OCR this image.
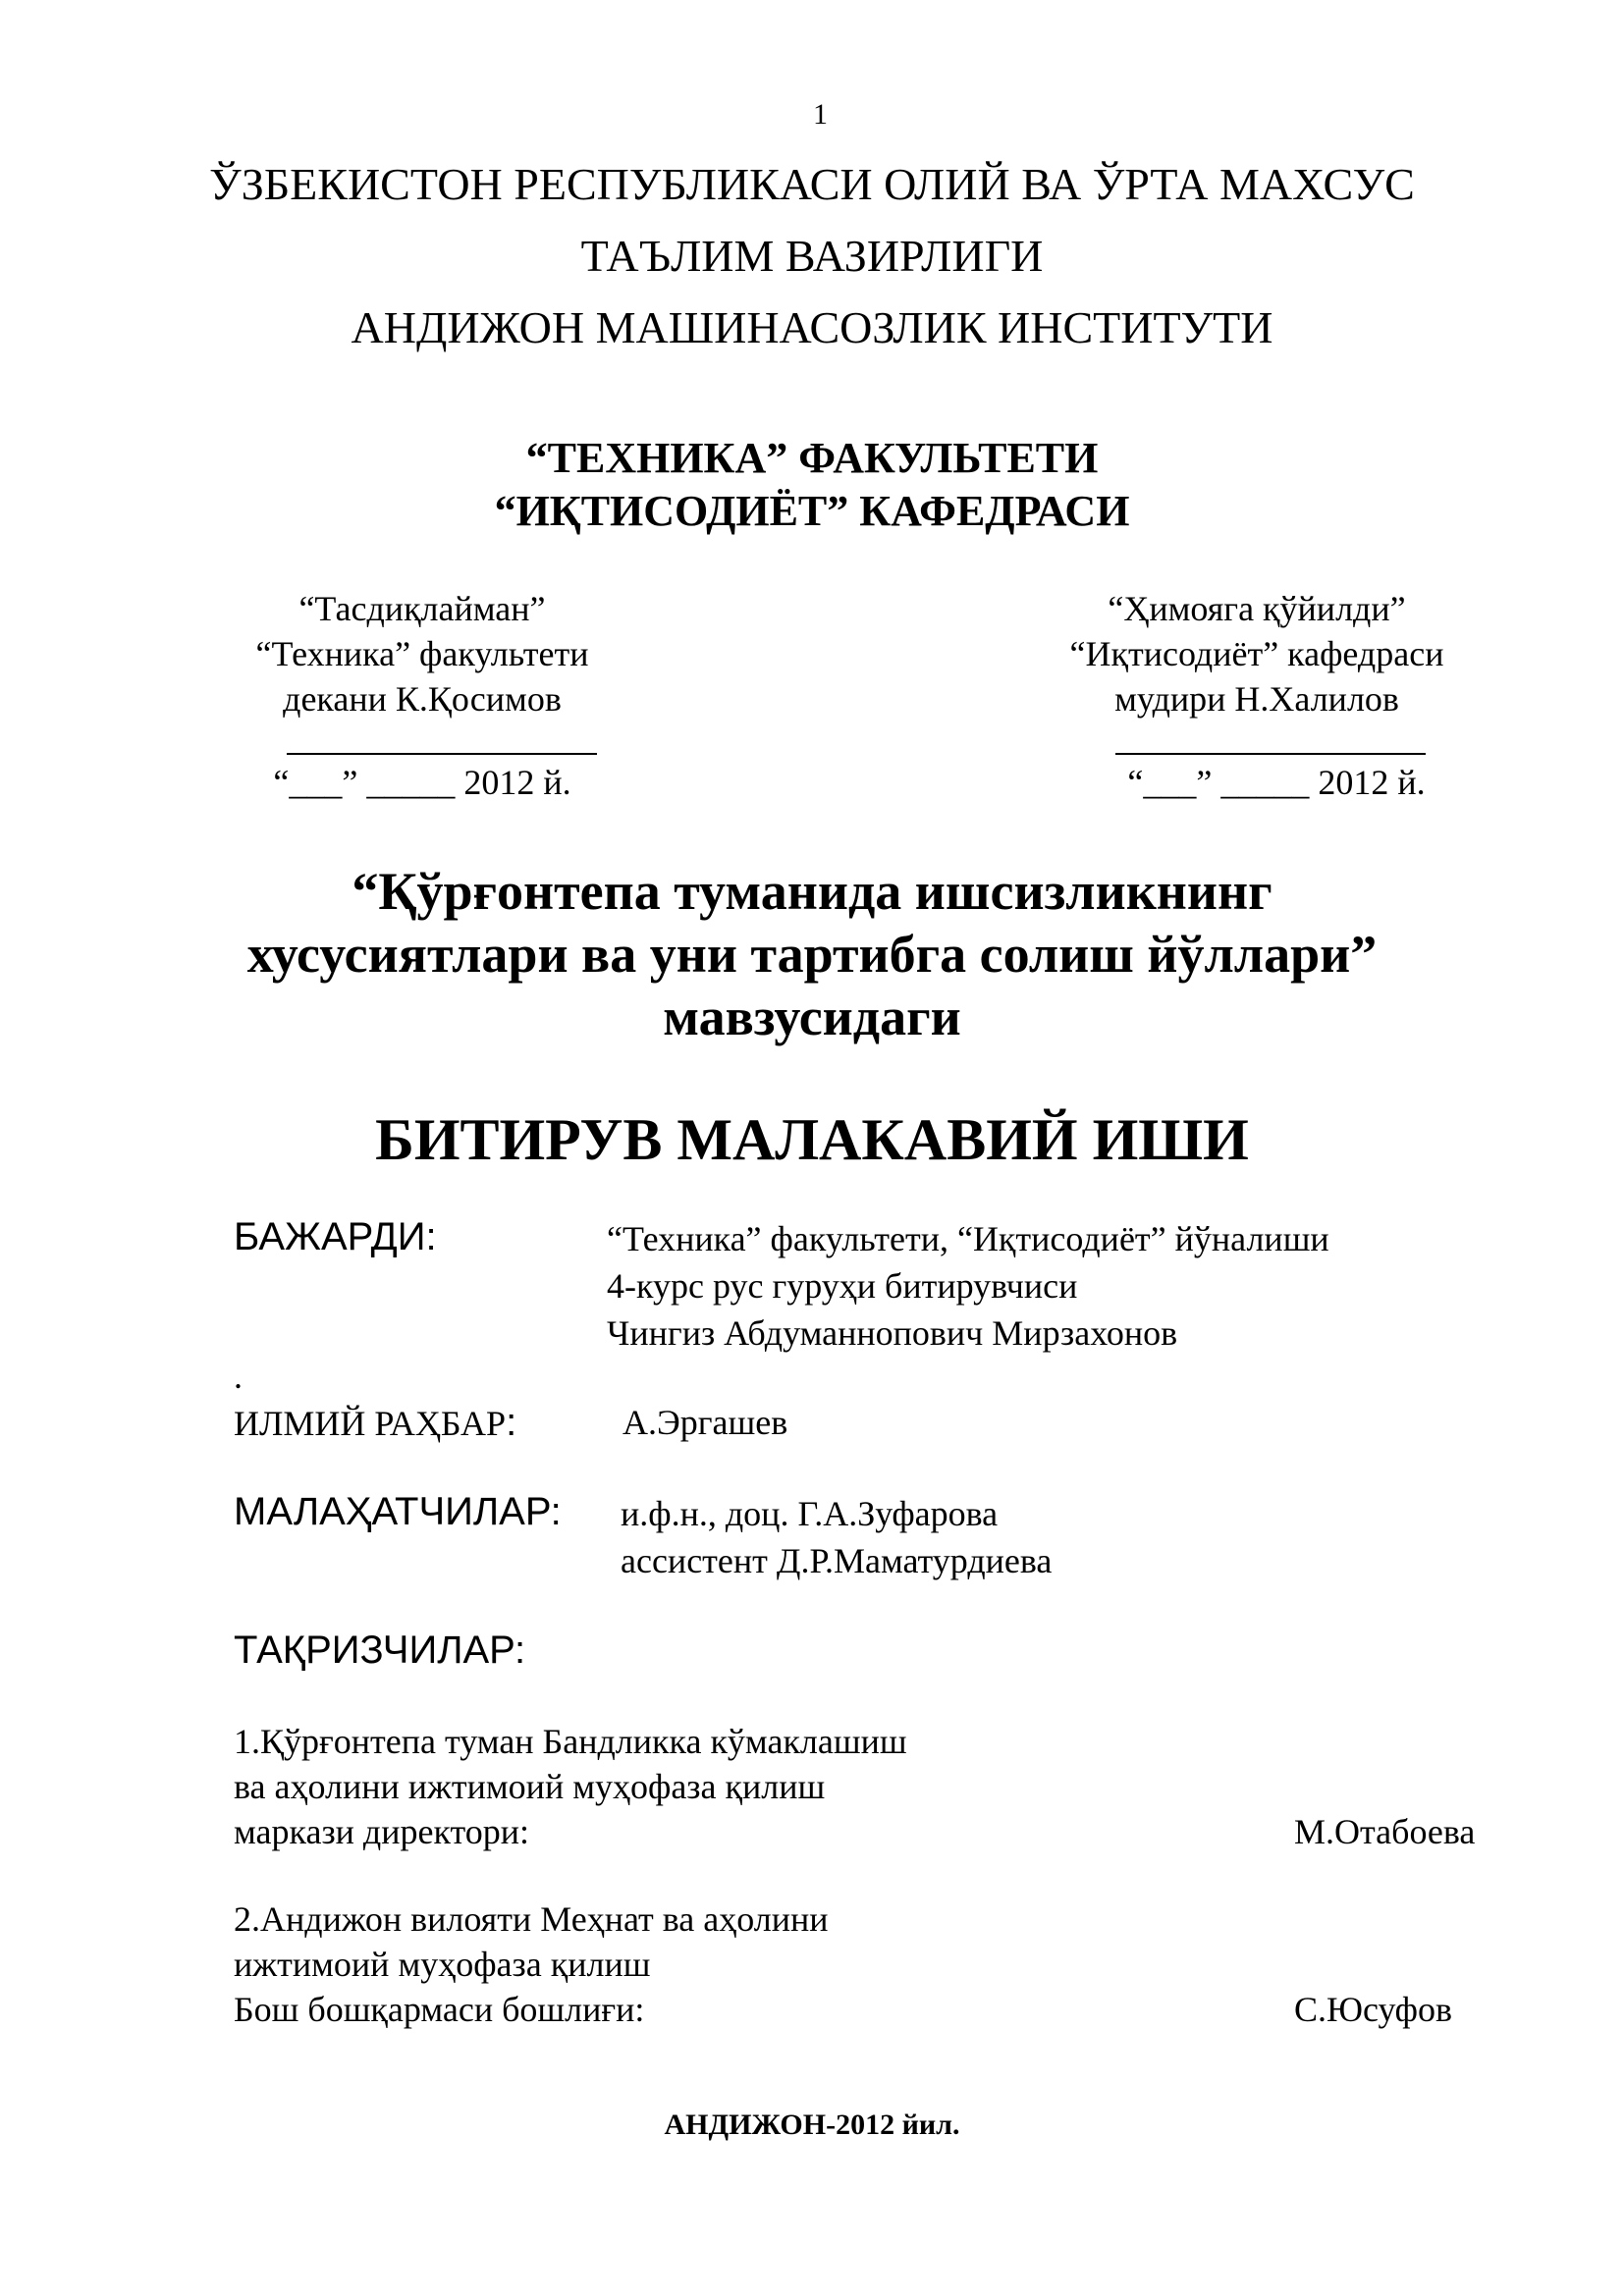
1
ЎЗБЕКИСТОН РЕСПУБЛИКАСИ ОЛИЙ ВА ЎРТА МАХСУС
ТАЪЛИМ ВАЗИРЛИГИ
АНДИЖОН МАШИНАСОЗЛИК ИНСТИТУТИ
“ТЕХНИКА” ФАКУЛЬТЕТИ
“ИҚТИСОДИЁТ” КАФЕДРАСИ
“Тасдиқлайман”
“Техника” факультети
декани К.Қосимов
“___” _____ 2012 й.
“Ҳимояга қўйилди”
“Иқтисодиёт” кафедраси
мудири Н.Халилов
“___” _____ 2012 й.
“Қўрғонтепа туманида ишсизликнинг
хусусиятлари ва уни тартибга солиш йўллари”
мавзусидаги
БИТИРУВ МАЛАКАВИЙ ИШИ
БАЖАРДИ:	“Техника” факультети, “Иқтисодиёт” йўналиши
4-курс рус гуруҳи битирувчиси
Чингиз Абдуманнопович Мирзахонов
.
ИЛМИЙ РАҲБАР:	А.Эргашев
МАЛАҲАТЧИЛАР: и.ф.н., доц. Г.А.Зуфарова
ассистент Д.Р.Маматурдиева
ТАҚРИЗЧИЛАР:
1.Қўрғонтепа туман Бандликка кўмаклашиш
ва аҳолини ижтимоий муҳофаза қилиш
маркази директори:	М.Отабоева
2.Андижон вилояти Меҳнат ва аҳолини
ижтимоий муҳофаза қилиш
Бош бошқармаси бошлиғи:	С.Юсуфов
АНДИЖОН-2012 йил.
